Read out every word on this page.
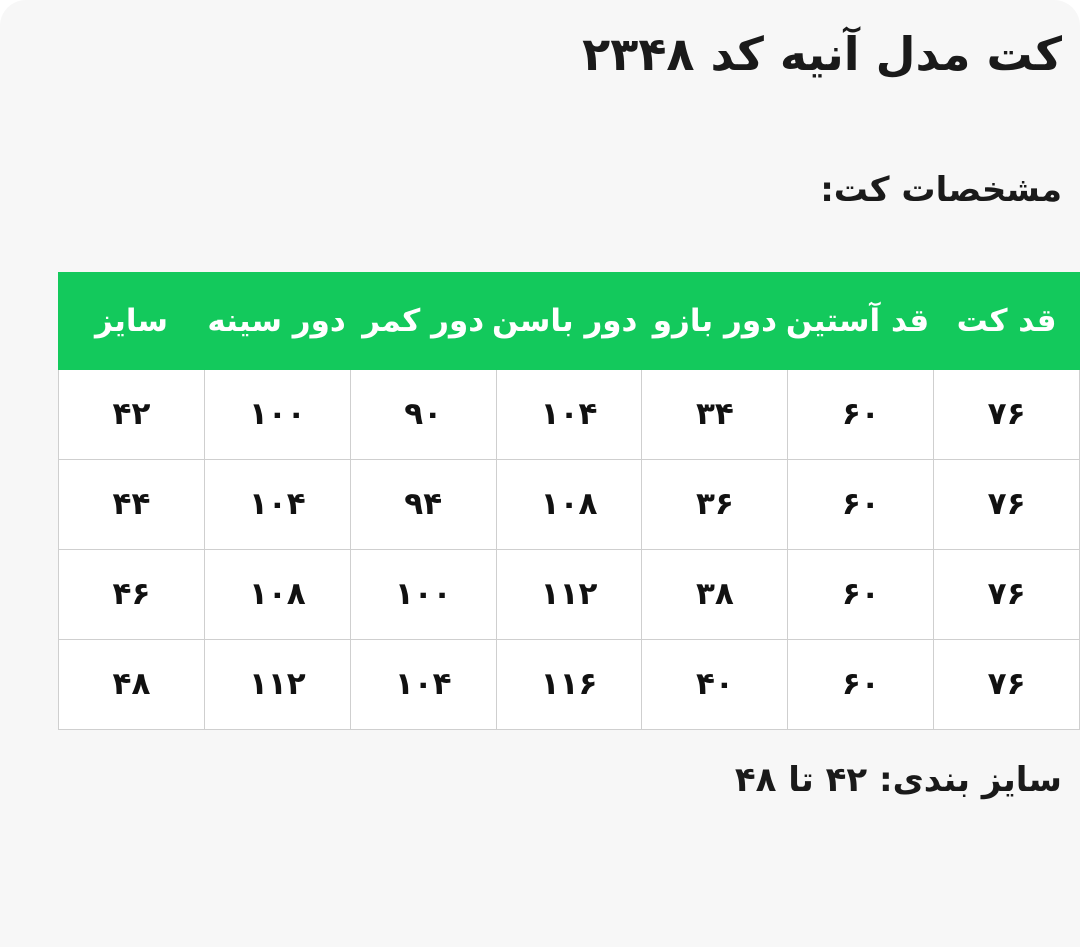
کت مدل آنیه کد ۲۳۴۸

مشخصات کت:

قد کت	قد آستین	دور بازو	دور باسن	دور کمر	دور سینه	سایز
۷۶	۶۰	۳۴	۱۰۴	۹۰	۱۰۰	۴۲
۷۶	۶۰	۳۶	۱۰۸	۹۴	۱۰۴	۴۴
۷۶	۶۰	۳۸	۱۱۲	۱۰۰	۱۰۸	۴۶
۷۶	۶۰	۴۰	۱۱۶	۱۰۴	۱۱۲	۴۸

سایز بندی: ۴۲ تا ۴۸
